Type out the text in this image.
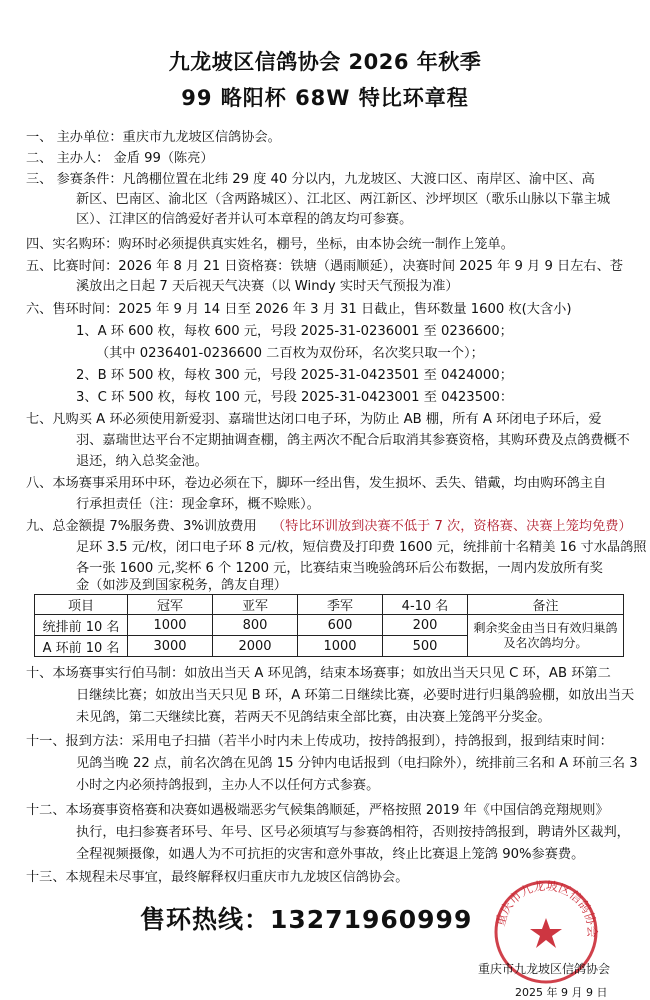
九龙坡区信鸽协会 2026 年秋季
99 略阳杯 68W 特比环章程
一、 主办单位：重庆市九龙坡区信鸽协会。
二、 主办人： 金盾 99（陈亮）
三、 参赛条件：凡鸽棚位置在北纬 29 度 40 分以内，九龙坡区、大渡口区、南岸区、渝中区、高
新区、巴南区、渝北区（含两路城区）、江北区、两江新区、沙坪坝区（歌乐山脉以下靠主城
区）、江津区的信鸽爱好者并认可本章程的鸽友均可参赛。
四、实名购环：购环时必须提供真实姓名，棚号，坐标，由本协会统一制作上笼单。
五、比赛时间：2026 年 8 月 21 日资格赛：铁塘（遇雨顺延），决赛时间 2025 年 9 月 9 日左右、苍
溪放出之日起 7 天后视天气决赛（以 Windy 实时天气预报为准）
六、售环时间：2025 年 9 月 14 日至 2026 年 3 月 31 日截止，售环数量 1600 枚(大含小)
1、A 环 600 枚，每枚 600 元，号段 2025-31-0236001 至 0236600；
（其中 0236401-0236600 二百枚为双份环，名次奖只取一个）；
2、B 环 500 枚，每枚 300 元，号段 2025-31-0423501 至 0424000；
3、C 环 500 枚，每枚 100 元，号段 2025-31-0423001 至 0423500：
七、凡购买 A 环必须使用新爱羽、嘉瑞世达闭口电子环，为防止 AB 棚，所有 A 环闭电子环后，爱
羽、嘉瑞世达平台不定期抽调查棚，鸽主两次不配合后取消其参赛资格，其购环费及点鸽费概不
退还，纳入总奖金池。
八、本场赛事采用环中环，卷边必须在下，脚环一经出售，发生损坏、丢失、错戴，均由购环鸽主自
行承担责任（注：现金拿环，概不赊账）。
九、总金额提 7%服务费、3%训放费用	（特比环训放到决赛不低于 7 次，资格赛、决赛上笼均免费）
足环 3.5 元/枚，闭口电子环 8 元/枚，短信费及打印费 1600 元，统排前十名精美 16 寸水晶鸽照
各一张 1600 元,奖杯 6 个 1200 元，比赛结束当晚验鸽环后公布数据，一周内发放所有奖
金（如涉及到国家税务，鸽友自理）
项目	冠军	亚军	季军	4-10 名	备注
统排前 10 名	1000	800	600	200	剩余奖金由当日有效归巢鸽及名次鸽均分。
A 环前 10 名	3000	2000	1000	500	
十、本场赛事实行伯马制：如放出当天 A 环见鸽，结束本场赛事；如放出当天只见 C 环，AB 环第二
日继续比赛；如放出当天只见 B 环，A 环第二日继续比赛，必要时进行归巢鸽验棚，如放出当天
未见鸽，第二天继续比赛，若两天不见鸽结束全部比赛，由决赛上笼鸽平分奖金。
十一、报到方法：采用电子扫描（若半小时内未上传成功，按持鸽报到），持鸽报到，报到结束时间：
见鸽当晚 22 点，前名次鸽在见鸽 15 分钟内电话报到（电扫除外），统排前三名和 A 环前三名 3
小时之内必须持鸽报到，主办人不以任何方式参赛。
十二、本场赛事资格赛和决赛如遇极端恶劣气候集鸽顺延，严格按照 2019 年《中国信鸽竞翔规则》
执行，电扫参赛者环号、年号、区号必须填写与参赛鸽相符，否则按持鸽报到，聘请外区裁判，
全程视频摄像，如遇人为不可抗拒的灾害和意外事故，终止比赛退上笼鸽 90%参赛费。
十三、本规程未尽事宜，最终解释权归重庆市九龙坡区信鸽协会。
售环热线：13271960999 重庆市九龙坡区信鸽协会
重庆市九龙坡区信鸽协会
2025 年 9 月 9 日
